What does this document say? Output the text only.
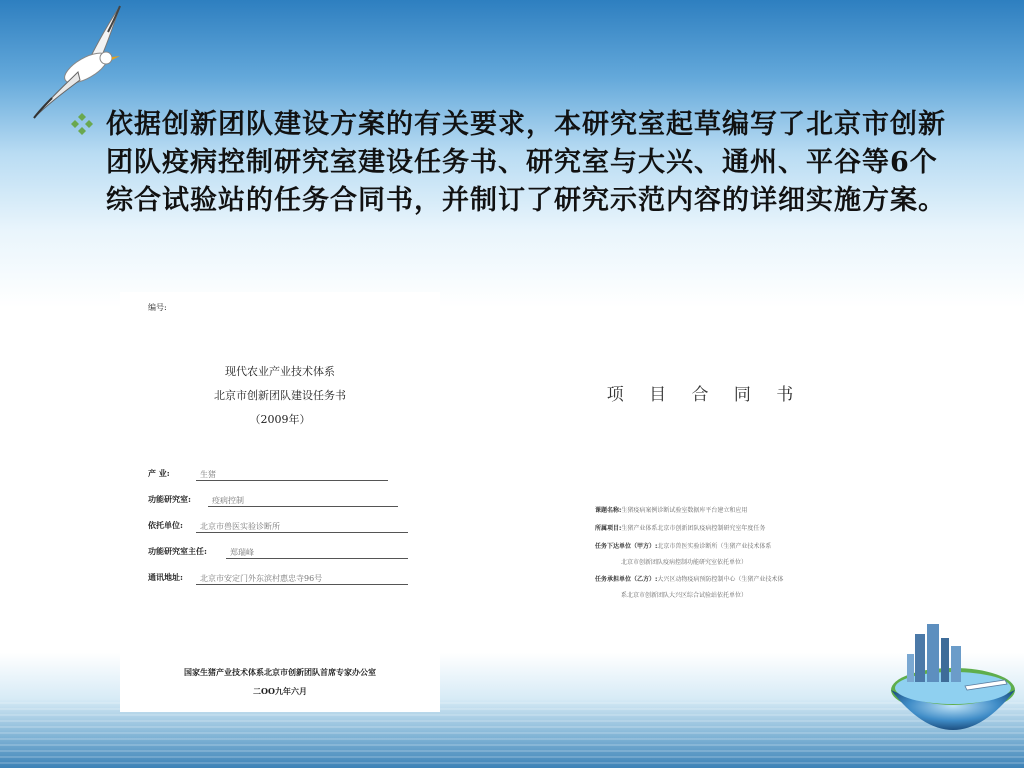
依据创新团队建设方案的有关要求，本研究室起草编写了北京市创新团队疫病控制研究室建设任务书、研究室与大兴、通州、平谷等6个综合试验站的任务合同书，并制订了研究示范内容的详细实施方案。
编号:
现代农业产业技术体系
北京市创新团队建设任务书
（2009年）
产 业:	生猪
功能研究室:	疫病控制
依托单位:	北京市兽医实验诊断所
功能研究室主任:	郑瑞峰
通讯地址:	北京市安定门外东滨村惠忠寺96号
国家生猪产业技术体系北京市创新团队首席专家办公室
二OO九年六月
项 目 合 同 书
课题名称:生猪疫病案例诊断试验室数据库平台建立和应用
所属项目:生猪产业体系北京市创新团队疫病控制研究室年度任务
任务下达单位（甲方）:北京市兽医实验诊断所（生猪产业技术体系
北京市创新团队疫病控制功能研究室依托单位）
任务承担单位（乙方）:大兴区动物疫病预防控制中心（生猪产业技术体
系北京市创新团队大兴区综合试验站依托单位）
